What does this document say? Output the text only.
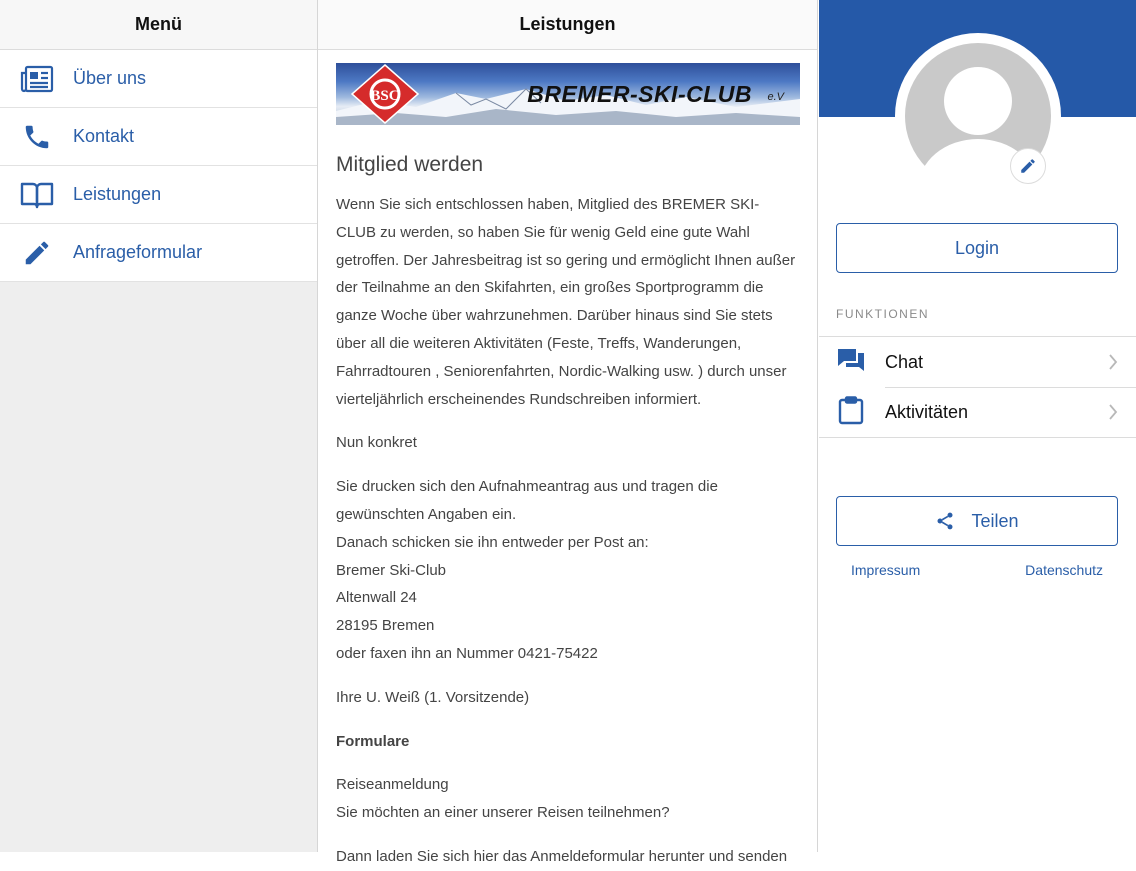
Menü
Über uns
Kontakt
Leistungen
Anfrageformular
Leistungen
BSC	BREMER-SKI-CLUB e.V
Mitglied werden

Wenn Sie sich entschlossen haben, Mitglied des BREMER SKI-CLUB zu werden, so haben Sie für wenig Geld eine gute Wahl getroffen. Der Jahresbeitrag ist so gering und ermöglicht Ihnen außer der Teilnahme an den Skifahrten, ein großes Sportprogramm die ganze Woche über wahrzunehmen. Darüber hinaus sind Sie stets über all die weiteren Aktivitäten (Feste, Treffs, Wanderungen, Fahrradtouren , Seniorenfahrten, Nordic-Walking usw. ) durch unser vierteljährlich erscheinendes Rundschreiben informiert.

Nun konkret

Sie drucken sich den Aufnahmeantrag aus und tragen die gewünschten Angaben ein.

Danach schicken sie ihn entweder per Post an:

Bremer Ski-Club

Altenwall 24

28195 Bremen

oder faxen ihn an Nummer 0421-75422

Ihre U. Weiß (1. Vorsitzende)

Formulare

Reiseanmeldung

Sie möchten an einer unserer Reisen teilnehmen?

Dann laden Sie sich hier das Anmeldeformular herunter und senden

Login
FUNKTIONEN
Chat
Aktivitäten
Teilen
Impressum	Datenschutz
